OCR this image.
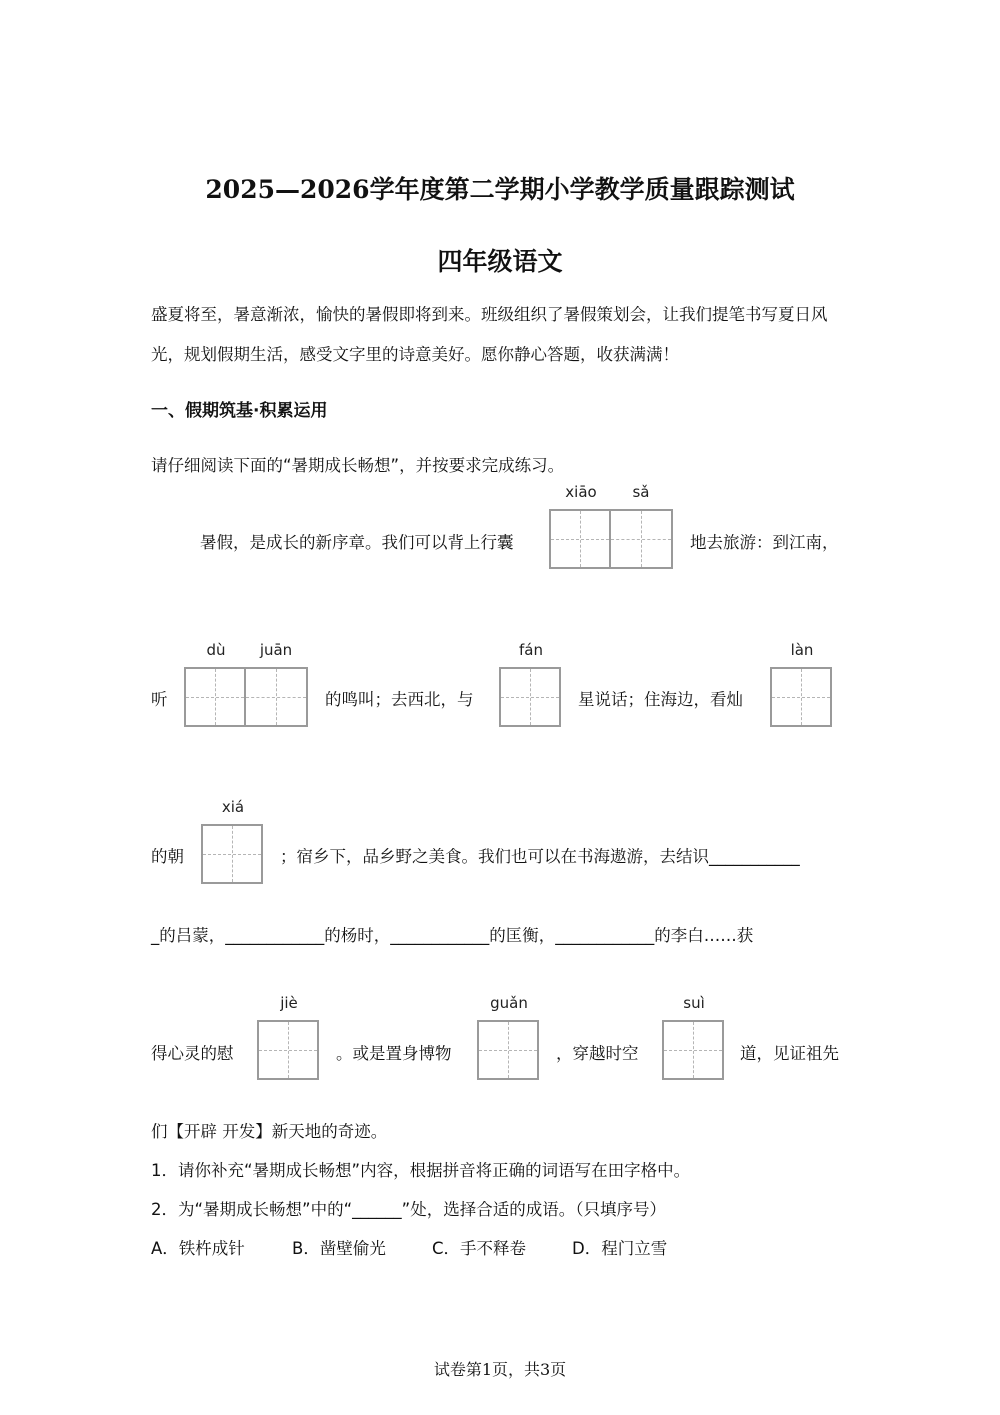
2025—2026学年度第二学期小学教学质量跟踪测试
四年级语文
盛夏将至，暑意渐浓，愉快的暑假即将到来。班级组织了暑假策划会，让我们提笔书写夏日风光，规划假期生活，感受文字里的诗意美好。愿你静心答题，收获满满！
一、假期筑基·积累运用
请仔细阅读下面的“暑期成长畅想”，并按要求完成练习。
暑假，是成长的新序章。我们可以背上行囊
xiāo	sǎ
地去旅游：到江南，
听
dù	juān
的鸣叫；去西北，与
fán
星说话；住海边，看灿
làn
的朝
xiá
；宿乡下，品乡野之美食。我们也可以在书海遨游，去结识___________
_的吕蒙，____________的杨时，____________的匡衡，____________的李白……获
得心灵的慰
jiè
。或是置身博物
guǎn
，穿越时空
suì
道，见证祖先
们【开辟 开发】新天地的奇迹。
1．请你补充“暑期成长畅想”内容，根据拼音将正确的词语写在田字格中。
2．为“暑期成长畅想”中的“______”处，选择合适的成语。（只填序号）
A．铁杵成针	B．凿壁偷光	C．手不释卷	D．程门立雪
试卷第1页，共3页
